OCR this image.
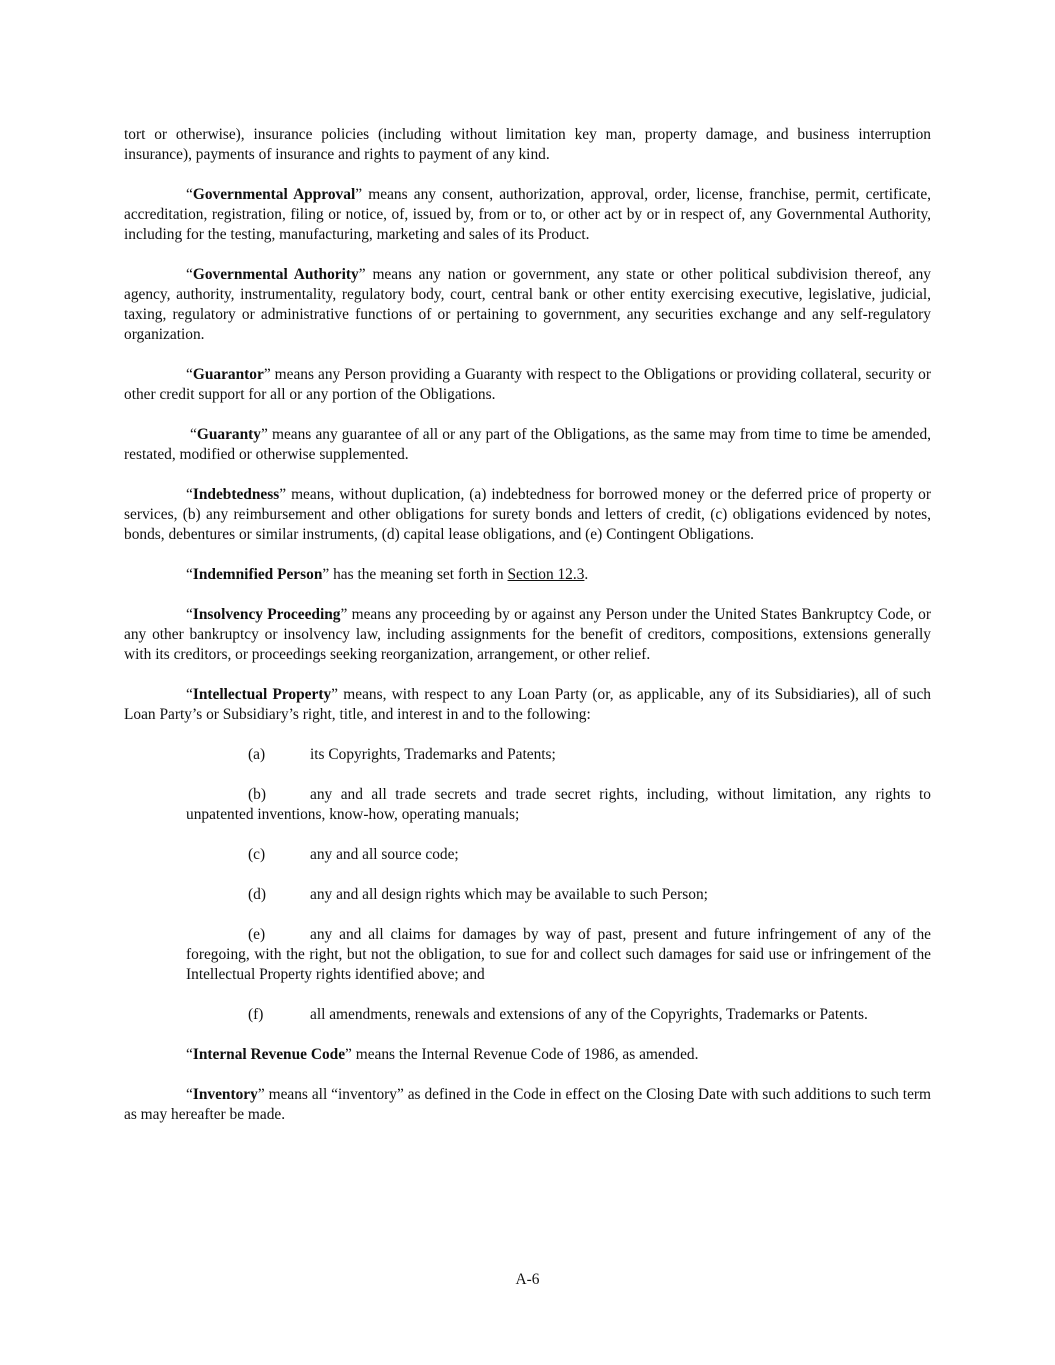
tort or otherwise), insurance policies (including without limitation key man, property damage, and business interruption insurance), payments of insurance and rights to payment of any kind.

“Governmental Approval” means any consent, authorization, approval, order, license, franchise, permit, certificate, accreditation, registration, filing or notice, of, issued by, from or to, or other act by or in respect of, any Governmental Authority, including for the testing, manufacturing, marketing and sales of its Product.

“Governmental Authority” means any nation or government, any state or other political subdivision thereof, any agency, authority, instrumentality, regulatory body, court, central bank or other entity exercising executive, legislative, judicial, taxing, regulatory or administrative functions of or pertaining to government, any securities exchange and any self-regulatory organization.

“Guarantor” means any Person providing a Guaranty with respect to the Obligations or providing collateral, security or other credit support for all or any portion of the Obligations.

“Guaranty” means any guarantee of all or any part of the Obligations, as the same may from time to time be amended, restated, modified or otherwise supplemented.

“Indebtedness” means, without duplication, (a) indebtedness for borrowed money or the deferred price of property or services, (b) any reimbursement and other obligations for surety bonds and letters of credit, (c) obligations evidenced by notes, bonds, debentures or similar instruments, (d) capital lease obligations, and (e) Contingent Obligations.

“Indemnified Person” has the meaning set forth in Section 12.3.

“Insolvency Proceeding” means any proceeding by or against any Person under the United States Bankruptcy Code, or any other bankruptcy or insolvency law, including assignments for the benefit of creditors, compositions, extensions generally with its creditors, or proceedings seeking reorganization, arrangement, or other relief.

“Intellectual Property” means, with respect to any Loan Party (or, as applicable, any of its Subsidiaries), all of such Loan Party’s or Subsidiary’s right, title, and interest in and to the following:

(a)	its Copyrights, Trademarks and Patents;

(b)	any and all trade secrets and trade secret rights, including, without limitation, any rights to unpatented inventions, know-how, operating manuals;

(c)	any and all source code;

(d)	any and all design rights which may be available to such Person;

(e)	any and all claims for damages by way of past, present and future infringement of any of the foregoing, with the right, but not the obligation, to sue for and collect such damages for said use or infringement of the Intellectual Property rights identified above; and

(f)	all amendments, renewals and extensions of any of the Copyrights, Trademarks or Patents.

“Internal Revenue Code” means the Internal Revenue Code of 1986, as amended.

“Inventory” means all “inventory” as defined in the Code in effect on the Closing Date with such additions to such term as may hereafter be made.

A-6
